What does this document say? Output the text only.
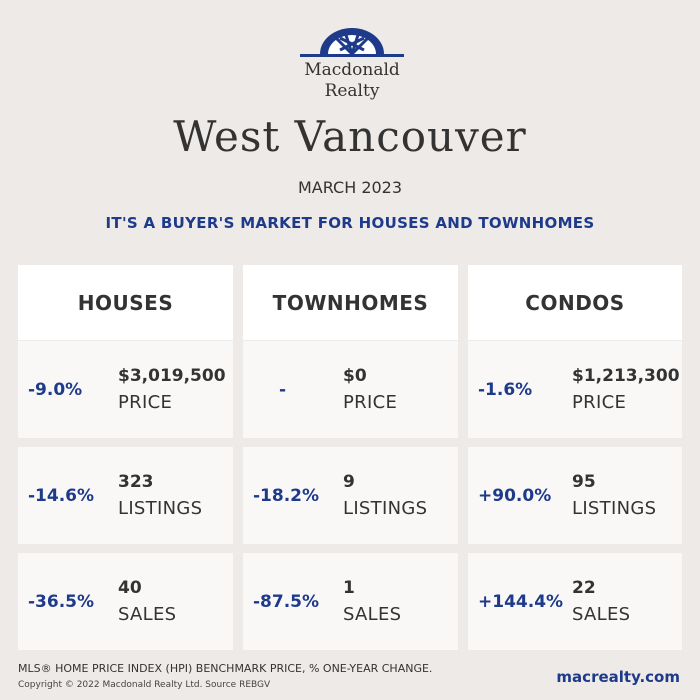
Macdonald
Realty
West Vancouver
MARCH 2023
IT'S A BUYER'S MARKET FOR HOUSES AND TOWNHOMES
HOUSES
-9.0%
$3,019,500
PRICE
-14.6%
323
LISTINGS
-36.5%
40
SALES
TOWNHOMES
-
$0
PRICE
-18.2%
9
LISTINGS
-87.5%
1
SALES
CONDOS
-1.6%
$1,213,300
PRICE
+90.0%
95
LISTINGS
+144.4%
22
SALES
MLS® HOME PRICE INDEX (HPI) BENCHMARK PRICE, % ONE-YEAR CHANGE.
Copyright © 2022 Macdonald Realty Ltd. Source REBGV	macrealty.com
